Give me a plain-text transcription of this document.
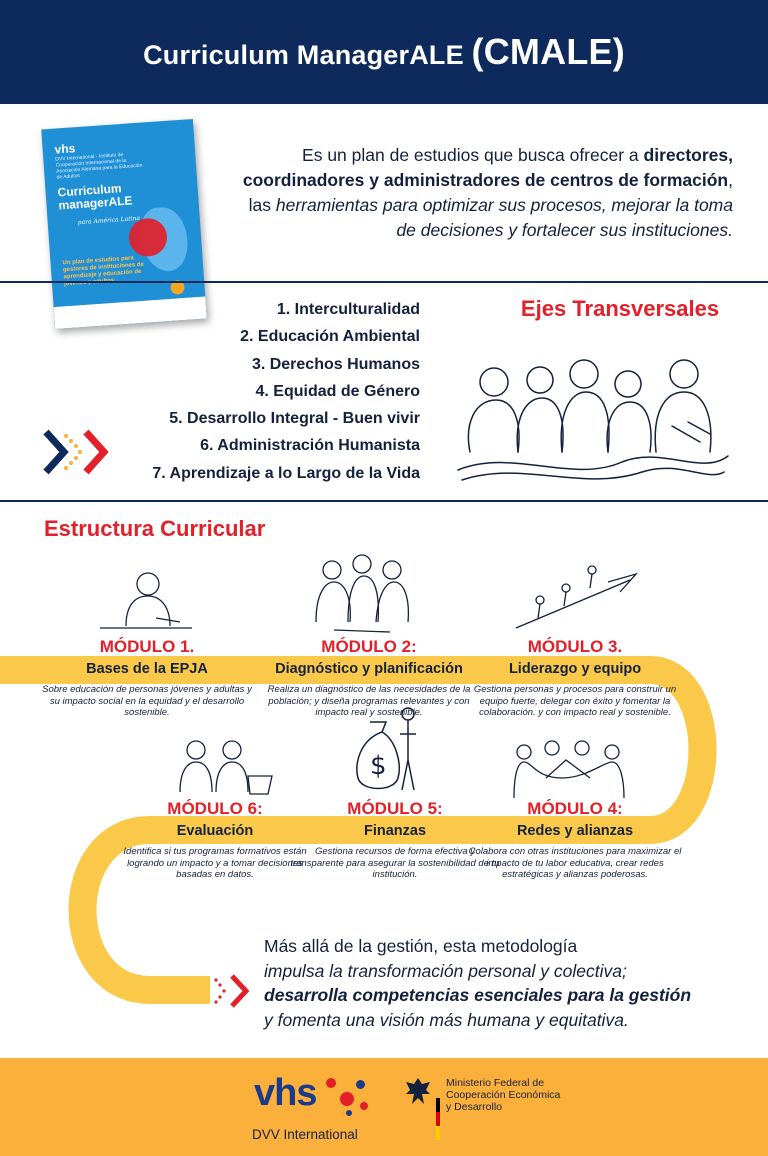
Curriculum ManagerALE (CMALE)
vhs
DVV International · Instituto de Cooperación Internacional de la Asociación Alemana para la Educación de Adultos
Curriculum managerALE
para América Latina
Un plan de estudios para gestores de instituciones de aprendizaje y educación de jóvenes
Es un plan de estudios que busca ofrecer a directores, coordinadores y administradores de centros de formación, las herramientas para optimizar sus procesos, mejorar la toma de decisiones y fortalecer sus instituciones.
1. Interculturalidad
2. Educación Ambiental
3. Derechos Humanos
4. Equidad de Género
5. Desarrollo Integral - Buen vivir
6. Administración Humanista
7. Aprendizaje a lo Largo de la Vida
Ejes Transversales
Estructura Curricular
$
MÓDULO 1.
Bases de la EPJA
Sobre educación de personas jóvenes y adultas y su impacto social en la equidad y el desarrollo sostenible.
MÓDULO 2:
Diagnóstico y planificación
Realiza un diagnóstico de las necesidades de la población; y diseña programas relevantes y con impacto real y sostenible.
MÓDULO 3.
Liderazgo y equipo
Gestiona personas y procesos para construir un equipo fuerte, delegar con éxito y fomentar la colaboración. y con impacto real y sostenible.
MÓDULO 4:
Redes y alianzas
Colabora con otras instituciones para maximizar el impacto de tu labor educativa, crear redes estratégicas y alianzas poderosas.
MÓDULO 5:
Finanzas
Gestiona recursos de forma efectiva y transparente para asegurar la sostenibilidad de tu institución.
MÓDULO 6:
Evaluación
Identifica si tus programas formativos están logrando un impacto y a tomar decisiones basadas en datos.
Más allá de la gestión, esta metodología
impulsa la transformación personal y colectiva;
desarrolla competencias esenciales para la gestión
y fomenta una visión más humana y equitativa.
vhs
DVV International
Ministerio Federal de
Cooperación Económica
y Desarrollo
